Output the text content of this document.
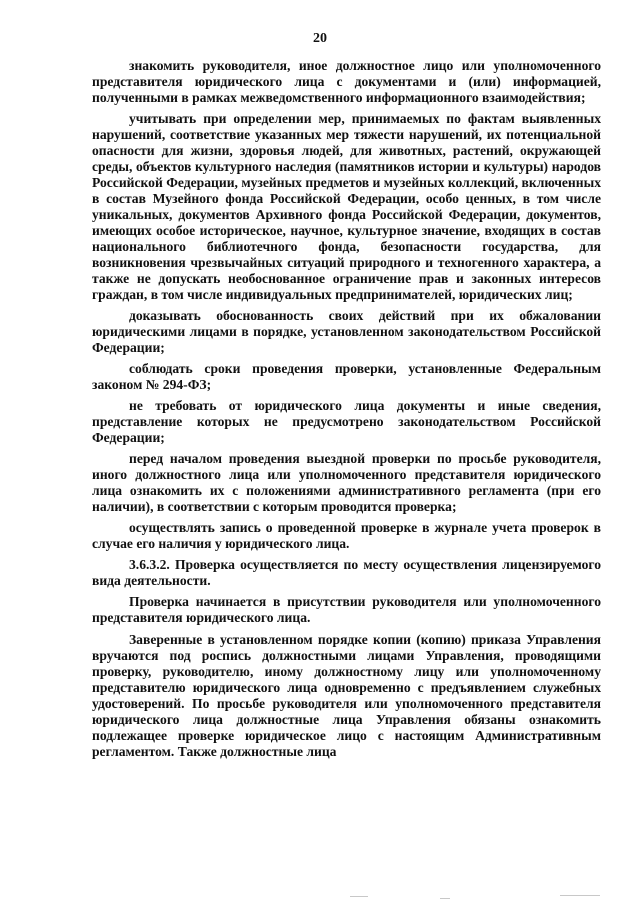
20

знакомить руководителя, иное должностное лицо или уполномоченного представителя юридического лица с документами и (или) информацией, полученными в рамках межведомственного информационного взаимодействия;

учитывать при определении мер, принимаемых по фактам выявленных нарушений, соответствие указанных мер тяжести нарушений, их потенциальной опасности для жизни, здоровья людей, для животных, растений, окружающей среды, объектов культурного наследия (памятников истории и культуры) народов Российской Федерации, музейных предметов и музейных коллекций, включенных в состав Музейного фонда Российской Федерации, особо ценных, в том числе уникальных, документов Архивного фонда Российской Федерации, документов, имеющих особое историческое, научное, культурное значение, входящих в состав национального библиотечного фонда, безопасности государства, для возникновения чрезвычайных ситуаций природного и техногенного характера, а также не допускать необоснованное ограничение прав и законных интересов граждан, в том числе индивидуальных предпринимателей, юридических лиц;

доказывать обоснованность своих действий при их обжаловании юридическими лицами в порядке, установленном законодательством Российской Федерации;

соблюдать сроки проведения проверки, установленные Федеральным законом № 294-ФЗ;

не требовать от юридического лица документы и иные сведения, представление которых не предусмотрено законодательством Российской Федерации;

перед началом проведения выездной проверки по просьбе руководителя, иного должностного лица или уполномоченного представителя юридического лица ознакомить их с положениями административного регламента (при его наличии), в соответствии с которым проводится проверка;

осуществлять запись о проведенной проверке в журнале учета проверок в случае его наличия у юридического лица.

3.6.3.2. Проверка осуществляется по месту осуществления лицензируемого вида деятельности.

Проверка начинается в присутствии руководителя или уполномоченного представителя юридического лица.

Заверенные в установленном порядке копии (копию) приказа Управления вручаются под роспись должностными лицами Управления, проводящими проверку, руководителю, иному должностному лицу или уполномоченному представителю юридического лица одновременно с предъявлением служебных удостоверений. По просьбе руководителя или уполномоченного представителя юридического лица должностные лица Управления обязаны ознакомить подлежащее проверке юридическое лицо с настоящим Административным регламентом. Также должностные лица
